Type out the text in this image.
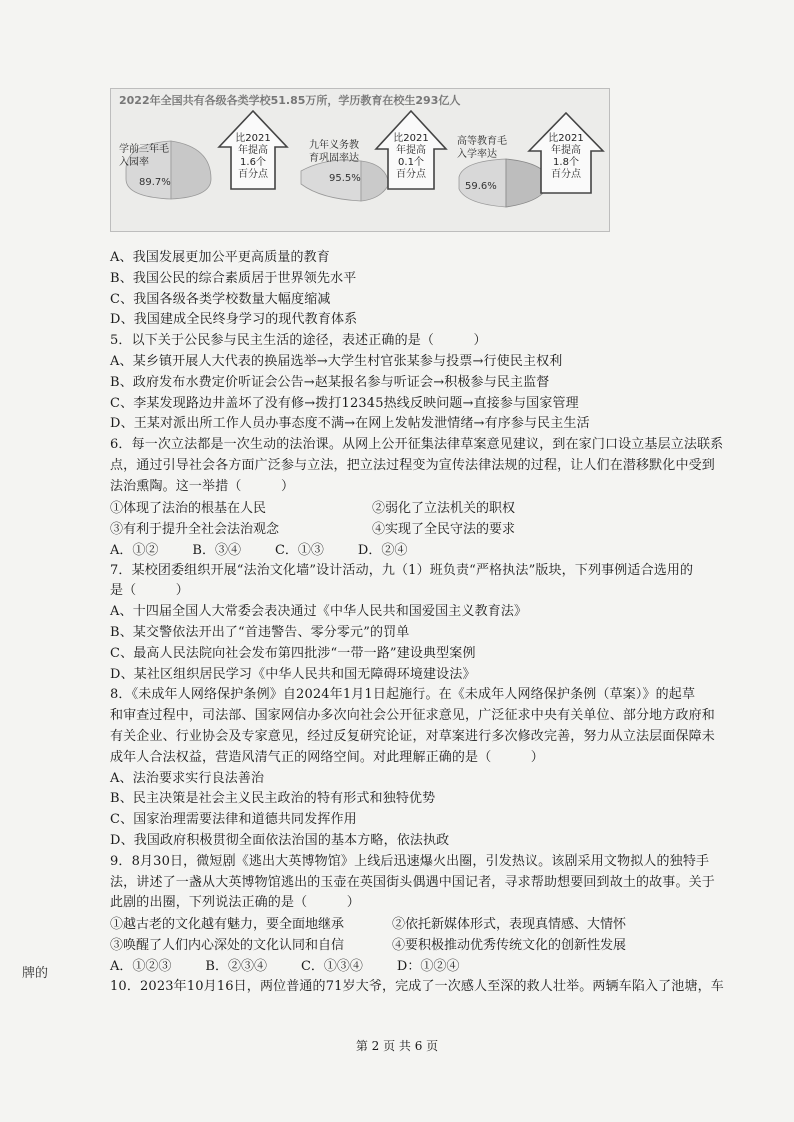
2022年全国共有各级各类学校51.85万所，学历教育在校生293亿人
学前三年毛
入园率
89.7%
比2021
年提高
1.6个
百分点
九年义务教
育巩固率达
95.5%
比2021
年提高
0.1个
百分点
高等教育毛
入学率达
59.6%
比2021
年提高
1.8个
百分点
A、我国发展更加公平更高质量的教育
B、我国公民的综合素质居于世界领先水平
C、我国各级各类学校数量大幅度缩减
D、我国建成全民终身学习的现代教育体系
5．以下关于公民参与民主生活的途径，表述正确的是（　　　）
A、某乡镇开展人大代表的换届选举→大学生村官张某参与投票→行使民主权利
B、政府发布水费定价听证会公告→赵某报名参与听证会→积极参与民主监督
C、李某发现路边井盖坏了没有修→拨打12345热线反映问题→直接参与国家管理
D、王某对派出所工作人员办事态度不满→在网上发帖发泄情绪→有序参与民主生活
6．每一次立法都是一次生动的法治课。从网上公开征集法律草案意见建议，到在家门口设立基层立法联系
点，通过引导社会各方面广泛参与立法，把立法过程变为宣传法律法规的过程，让人们在潜移默化中受到
法治熏陶。这一举措（　　　）
①体现了法治的根基在人民	②弱化了立法机关的职权
③有利于提升全社会法治观念	④实现了全民守法的要求
A．①②	B．③④	C．①③	D．②④
7．某校团委组织开展“法治文化墙”设计活动，九（1）班负责“严格执法”版块，下列事例适合选用的
是（　　　）
A、十四届全国人大常委会表决通过《中华人民共和国爱国主义教育法》
B、某交警依法开出了“首违警告、零分零元”的罚单
C、最高人民法院向社会发布第四批涉“一带一路”建设典型案例
D、某社区组织居民学习《中华人民共和国无障碍环境建设法》
8．《未成年人网络保护条例》自2024年1月1日起施行。在《未成年人网络保护条例（草案）》的起草
和审查过程中，司法部、国家网信办多次向社会公开征求意见，广泛征求中央有关单位、部分地方政府和
有关企业、行业协会及专家意见，经过反复研究论证，对草案进行多次修改完善，努力从立法层面保障未
成年人合法权益，营造风清气正的网络空间。对此理解正确的是（　　　）
A、法治要求实行良法善治
B、民主决策是社会主义民主政治的特有形式和独特优势
C、国家治理需要法律和道德共同发挥作用
D、我国政府积极贯彻全面依法治国的基本方略，依法执政
9．8月30日，微短剧《逃出大英博物馆》上线后迅速爆火出圈，引发热议。该剧采用文物拟人的独特手
法，讲述了一盏从大英博物馆逃出的玉壶在英国街头偶遇中国记者，寻求帮助想要回到故土的故事。关于
此剧的出圈，下列说法正确的是（　　　）
①越古老的文化越有魅力，要全面地继承	②依托新媒体形式，表现真情感、大情怀
③唤醒了人们内心深处的文化认同和自信	④要积极推动优秀传统文化的创新性发展
A．①②③	B．②③④	C．①③④	D：①②④
10．2023年10月16日，两位普通的71岁大爷，完成了一次感人至深的救人壮举。两辆车陷入了池塘，车
牌的
第 2 页 共 6 页
